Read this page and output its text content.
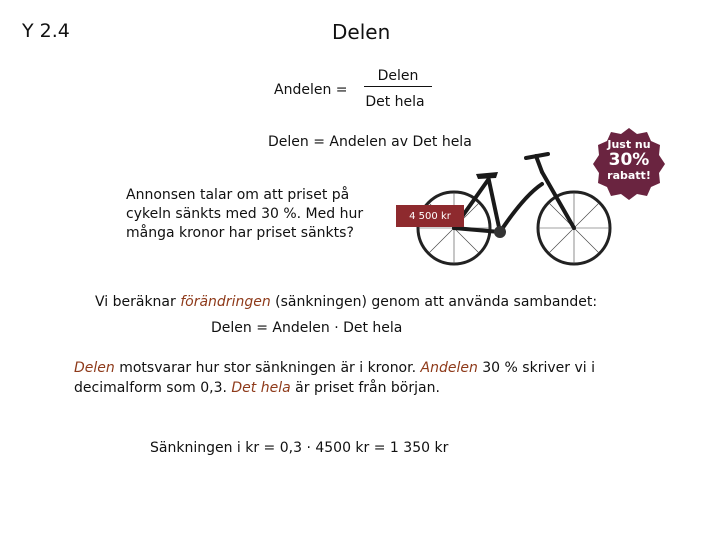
Y 2.4	Delen
Andelen =
Delen
Det hela
Delen = Andelen av Det hela
Annonsen talar om att priset på cykeln sänkts med 30 %. Med hur många kronor har priset sänkts?
4 500 kr
Just nu
30%
rabatt!
Vi beräknar förändringen (sänkningen) genom att använda sambandet:
Delen = Andelen · Det hela
Delen motsvarar hur stor sänkningen är i kronor. Andelen 30 % skriver vi i decimalform som 0,3. Det hela är priset från början.
Sänkningen i kr = 0,3 · 4500 kr = 1 350 kr
